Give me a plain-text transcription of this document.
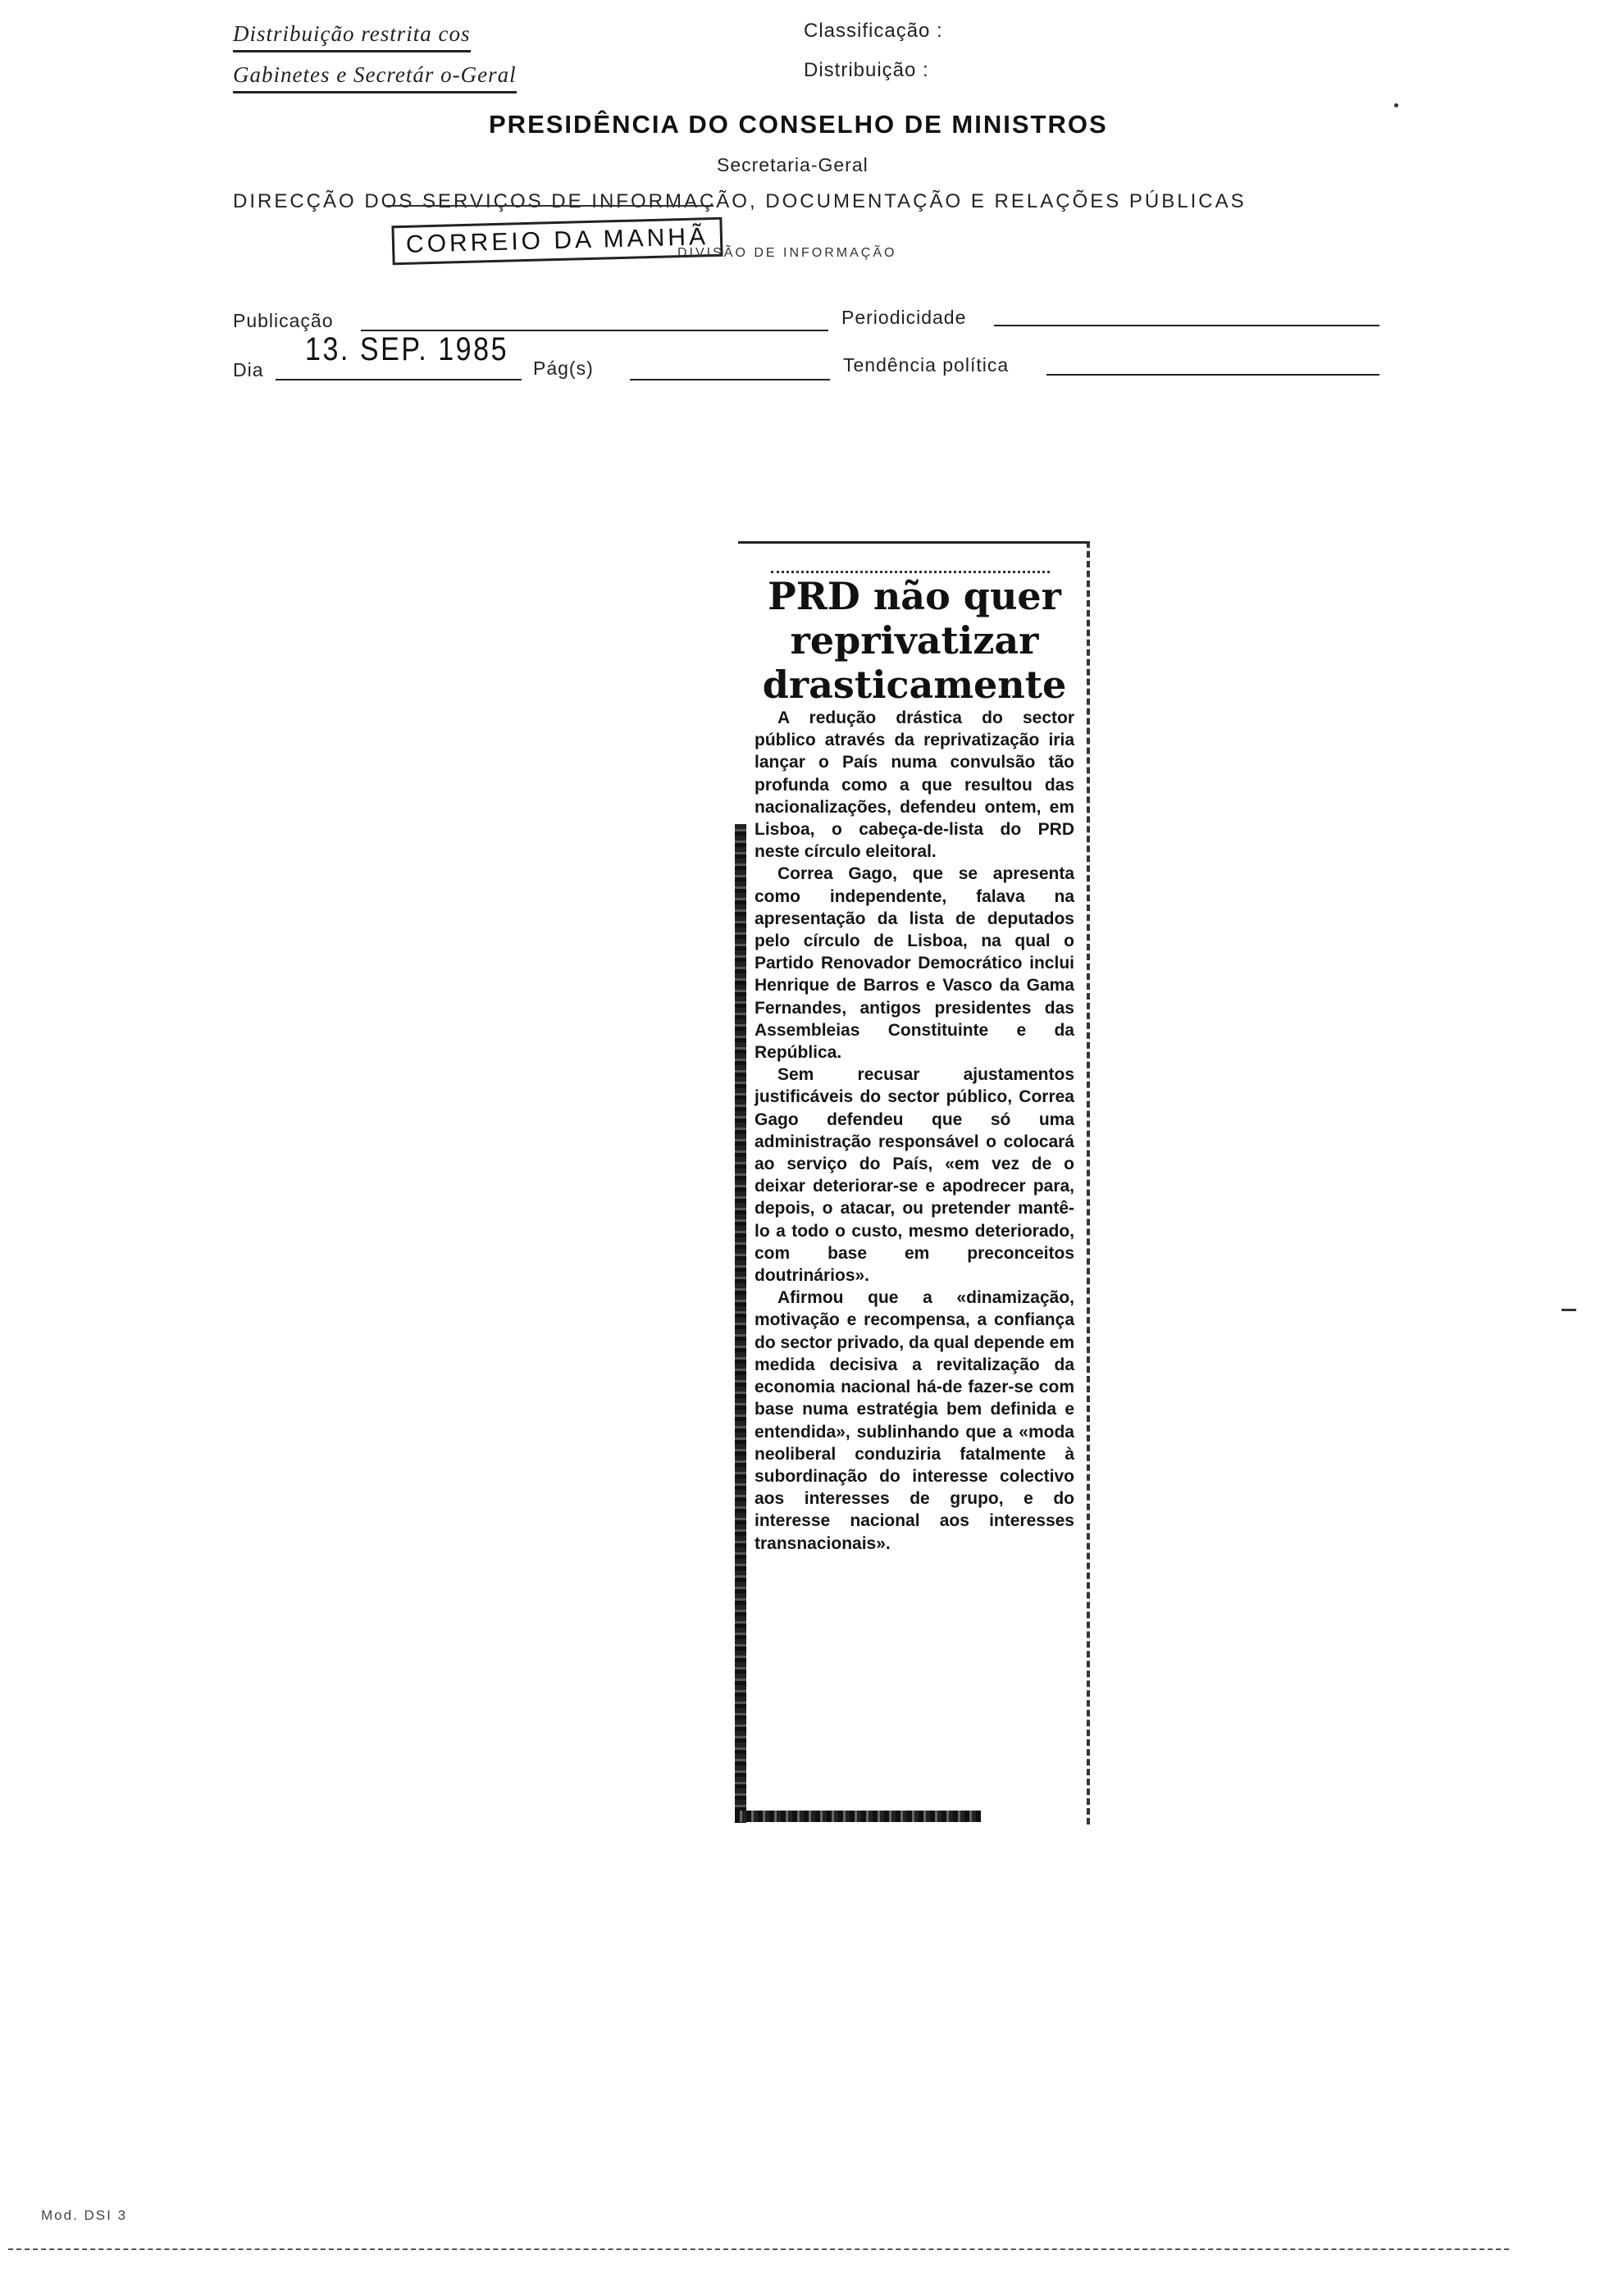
Distribuição restrita cos
Gabinetes e Secretár o-Geral
Classificação :
Distribuição :
PRESIDÊNCIA DO CONSELHO DE MINISTROS
Secretaria-Geral
DIRECÇÃO DOS SERVIÇOS DE INFORMAÇÃO, DOCUMENTAÇÃO E RELAÇÕES PÚBLICAS
CORREIO DA MANHÃ
DIVISÃO DE INFORMAÇÃO
Publicação	Periodicidade
Dia
13. SEP. 1985
Pág(s)	Tendência política
PRD não quer
reprivatizar
drasticamente

A redução drástica do sector público através da reprivatização iria lançar o País numa convulsão tão profunda como a que resultou das nacionalizações, defendeu ontem, em Lisboa, o cabeça-de-lista do PRD neste círculo eleitoral.

Correa Gago, que se apresenta como independente, falava na apresentação da lista de deputados pelo círculo de Lisboa, na qual o Partido Renovador Democrático inclui Henrique de Barros e Vasco da Gama Fernandes, antigos presidentes das Assembleias Constituinte e da República.

Sem recusar ajustamentos justificáveis do sector público, Correa Gago defendeu que só uma administração responsável o colocará ao serviço do País, «em vez de o deixar deteriorar-se e apodrecer para, depois, o atacar, ou pretender mantê-lo a todo o custo, mesmo deteriorado, com base em preconceitos doutrinários».

Afirmou que a «dinamização, motivação e recompensa, a confiança do sector privado, da qual depende em medida decisiva a revitalização da economia nacional há-de fazer-se com base numa estratégia bem definida e entendida», sublinhando que a «moda neoliberal conduziria fatalmente à subordinação do interesse colectivo aos interesses de grupo, e do interesse nacional aos interesses transnacionais».

Mod. DSI 3
